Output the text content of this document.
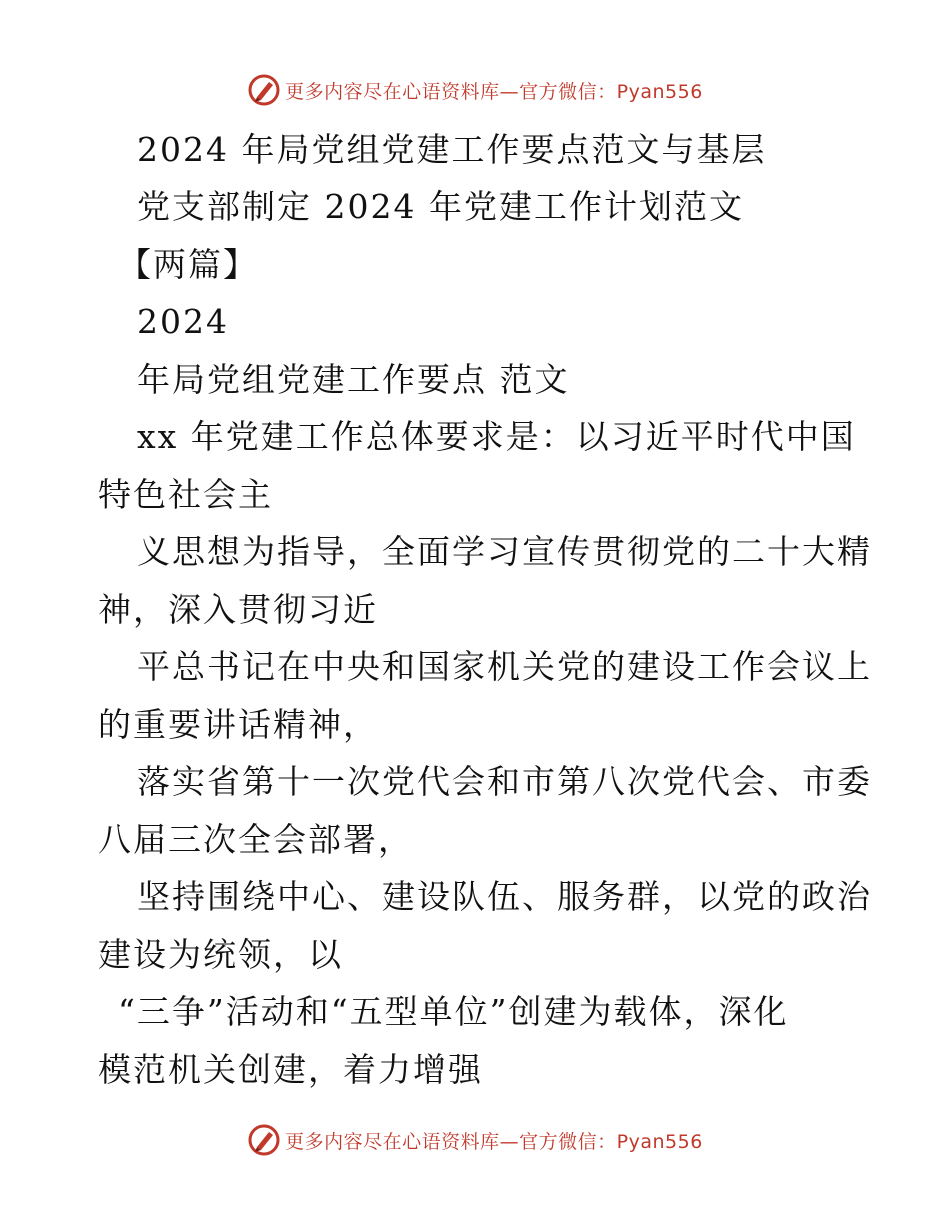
更多内容尽在心语资料库—官方微信：Pyan556
2024 年局党组党建工作要点范文与基层
党支部制定 2024 年党建工作计划范文
【两篇】
2024
年局党组党建工作要点 范文
xx 年党建工作总体要求是：以习近平时代中国
特色社会主
义思想为指导，全面学习宣传贯彻党的二十大精
神，深入贯彻习近
平总书记在中央和国家机关党的建设工作会议上
的重要讲话精神，
落实省第十一次党代会和市第八次党代会、市委
八届三次全会部署，
坚持围绕中心、建设队伍、服务群，以党的政治
建设为统领，以
“三争”活动和“五型单位”创建为载体，深化
模范机关创建，着力增强
更多内容尽在心语资料库—官方微信：Pyan556
